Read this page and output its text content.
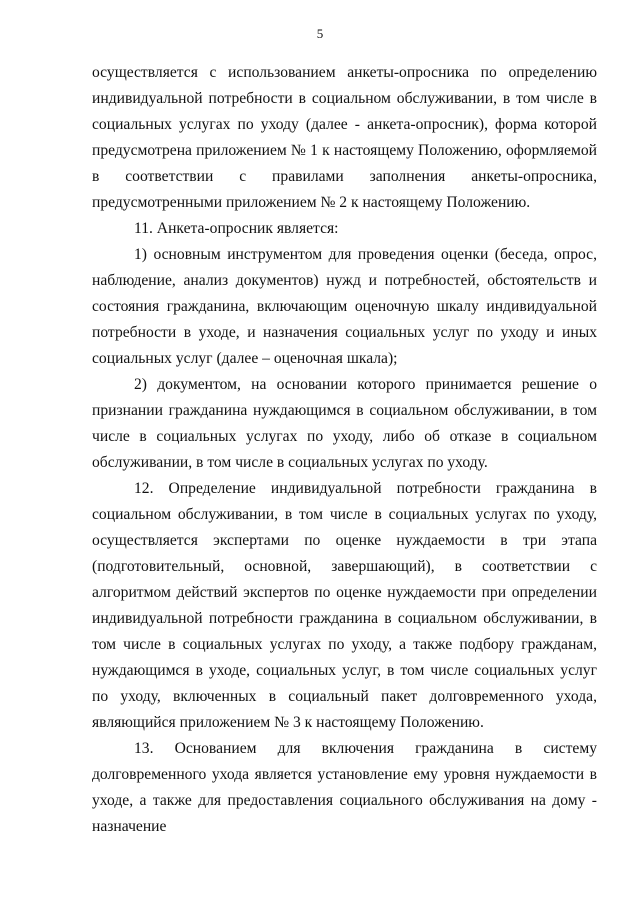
5

осуществляется с использованием анкеты-опросника по определению индивидуальной потребности в социальном обслуживании, в том числе в социальных услугах по уходу (далее - анкета-опросник), форма которой предусмотрена приложением № 1 к настоящему Положению, оформляемой в соответствии с правилами заполнения анкеты-опросника, предусмотренными приложением № 2 к настоящему Положению.

11. Анкета-опросник является:

1) основным инструментом для проведения оценки (беседа, опрос, наблюдение, анализ документов) нужд и потребностей, обстоятельств и состояния гражданина, включающим оценочную шкалу индивидуальной потребности в уходе, и назначения социальных услуг по уходу и иных социальных услуг (далее – оценочная шкала);

2) документом, на основании которого принимается решение о признании гражданина нуждающимся в социальном обслуживании, в том числе в социальных услугах по уходу, либо об отказе в социальном обслуживании, в том числе в социальных услугах по уходу.

12. Определение индивидуальной потребности гражданина в социальном обслуживании, в том числе в социальных услугах по уходу, осуществляется экспертами по оценке нуждаемости в три этапа (подготовительный, основной, завершающий), в соответствии с алгоритмом действий экспертов по оценке нуждаемости при определении индивидуальной потребности гражданина в социальном обслуживании, в том числе в социальных услугах по уходу, а также подбору гражданам, нуждающимся в уходе, социальных услуг, в том числе социальных услуг по уходу, включенных в социальный пакет долговременного ухода, являющийся приложением № 3 к настоящему Положению.

13. Основанием для включения гражданина в систему долговременного ухода является установление ему уровня нуждаемости в уходе, а также для предоставления социального обслуживания на дому - назначение
